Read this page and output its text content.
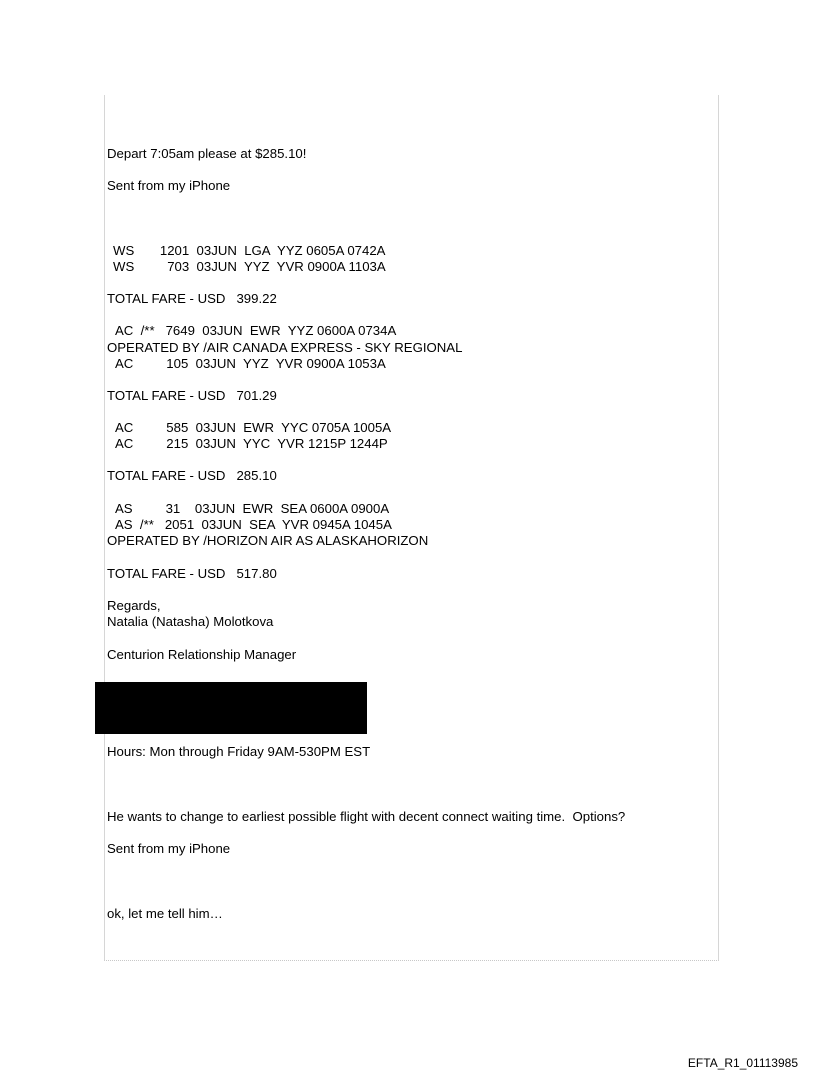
Depart 7:05am please at $285.10!
Sent from my iPhone
WS       1201  03JUN  LGA  YYZ 0605A 0742A
WS         703  03JUN  YYZ  YVR 0900A 1103A
TOTAL FARE - USD   399.22
AC  /**   7649  03JUN  EWR  YYZ 0600A 0734A
OPERATED BY /AIR CANADA EXPRESS - SKY REGIONAL
AC         105  03JUN  YYZ  YVR 0900A 1053A
TOTAL FARE - USD   701.29
AC         585  03JUN  EWR  YYC 0705A 1005A
AC         215  03JUN  YYC  YVR 1215P 1244P
TOTAL FARE - USD   285.10
AS         31    03JUN  EWR  SEA 0600A 0900A
AS  /**   2051  03JUN  SEA  YVR 0945A 1045A
OPERATED BY /HORIZON AIR AS ALASKAHORIZON
TOTAL FARE - USD   517.80
Regards,
Natalia (Natasha) Molotkova
Centurion Relationship Manager
Hours: Mon through Friday 9AM-530PM EST
He wants to change to earliest possible flight with decent connect waiting time.  Options?
Sent from my iPhone
ok, let me tell him…
EFTA_R1_01113985
